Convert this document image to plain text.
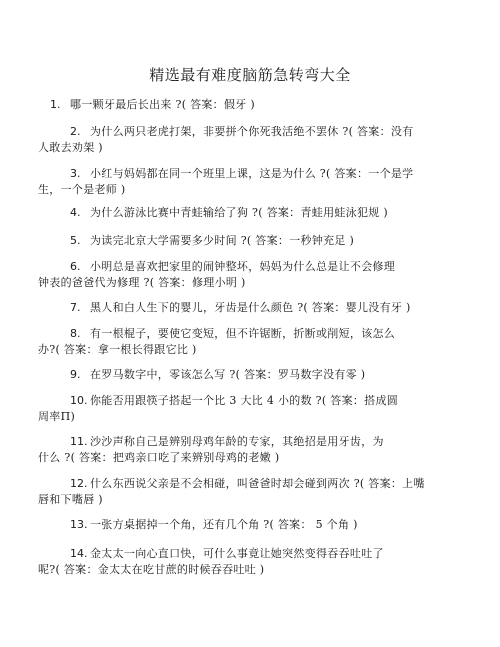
精选最有难度脑筋急转弯大全
1. 哪一颗牙最后长出来 ?( 答案：假牙 )
2. 为什么两只老虎打架，非要拼个你死我活绝不罢休 ?( 答案：没有
人敢去劝架 )
3. 小红与妈妈都在同一个班里上课，这是为什么 ?( 答案：一个是学
生，一个是老师 )
4. 为什么游泳比赛中青蛙输给了狗 ?( 答案：青蛙用蛙泳犯规 )
5. 为读完北京大学需要多少时间 ?( 答案：一秒钟充足 )
6. 小明总是喜欢把家里的闹钟整坏，妈妈为什么总是让不会修理
钟表的爸爸代为修理 ?( 答案：修理小明 )
7. 黑人和白人生下的婴儿，牙齿是什么颜色 ?( 答案：婴儿没有牙 )
8. 有一根棍子，要使它变短，但不许锯断，折断或削短，该怎么
办?( 答案：拿一根长得跟它比 )
9. 在罗马数字中，零该怎么写 ?( 答案：罗马数字没有零 )
10. 你能否用跟筷子搭起一个比 3 大比 4 小的数 ?( 答案：搭成圆
周率Π)
11. 沙沙声称自己是辨别母鸡年龄的专家，其绝招是用牙齿，为
什么 ?( 答案：把鸡亲口吃了来辨别母鸡的老嫩 )
12. 什么东西说父亲是不会相碰，叫爸爸时却会碰到两次 ?( 答案：上嘴
唇和下嘴唇 )
13. 一张方桌据掉一个角，还有几个角 ?( 答案： 5 个角 )
14. 金太太一向心直口快，可什么事竟让她突然变得吞吞吐吐了
呢?( 答案：金太太在吃甘蔗的时候吞吞吐吐 )
